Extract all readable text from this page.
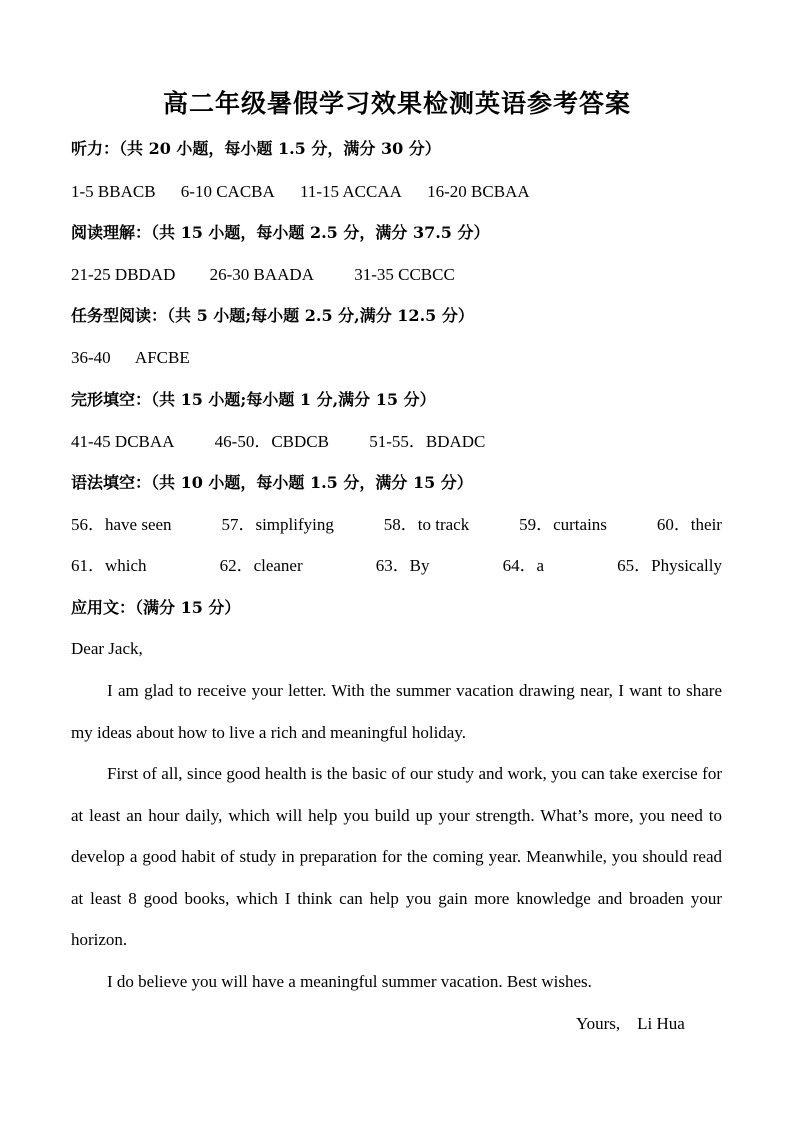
高二年级暑假学习效果检测英语参考答案
听力：（共 20 小题，每小题 1.5 分，满分 30 分）
1-5 BBACB 6-10 CACBA 11-15 ACCAA 16-20 BCBAA
阅读理解：（共 15 小题，每小题 2.5 分，满分 37.5 分）
21-25 DBDAD 26-30 BAADA 31-35 CCBCC
任务型阅读：（共 5 小题;每小题 2.5 分,满分 12.5 分）
36-40 AFCBE
完形填空：（共 15 小题;每小题 1 分,满分 15 分）
41-45 DCBAA 46-50．CBDCB 51-55．BDADC
语法填空：（共 10 小题，每小题 1.5 分，满分 15 分）
56．have seen	57．simplifying	58．to track	59．curtains	60．their
61．which	62．cleaner	63．By	64．a	65．Physically
应用文：（满分 15 分）
Dear Jack,

I am glad to receive your letter. With the summer vacation drawing near, I want to share my ideas about how to live a rich and meaningful holiday.

First of all, since good health is the basic of our study and work, you can take exercise for at least an hour daily, which will help you build up your strength. What’s more, you need to develop a good habit of study in preparation for the coming year. Meanwhile, you should read at least 8 good books, which I think can help you gain more knowledge and broaden your horizon.

I do believe you will have a meaningful summer vacation. Best wishes.

Yours, Li Hua
